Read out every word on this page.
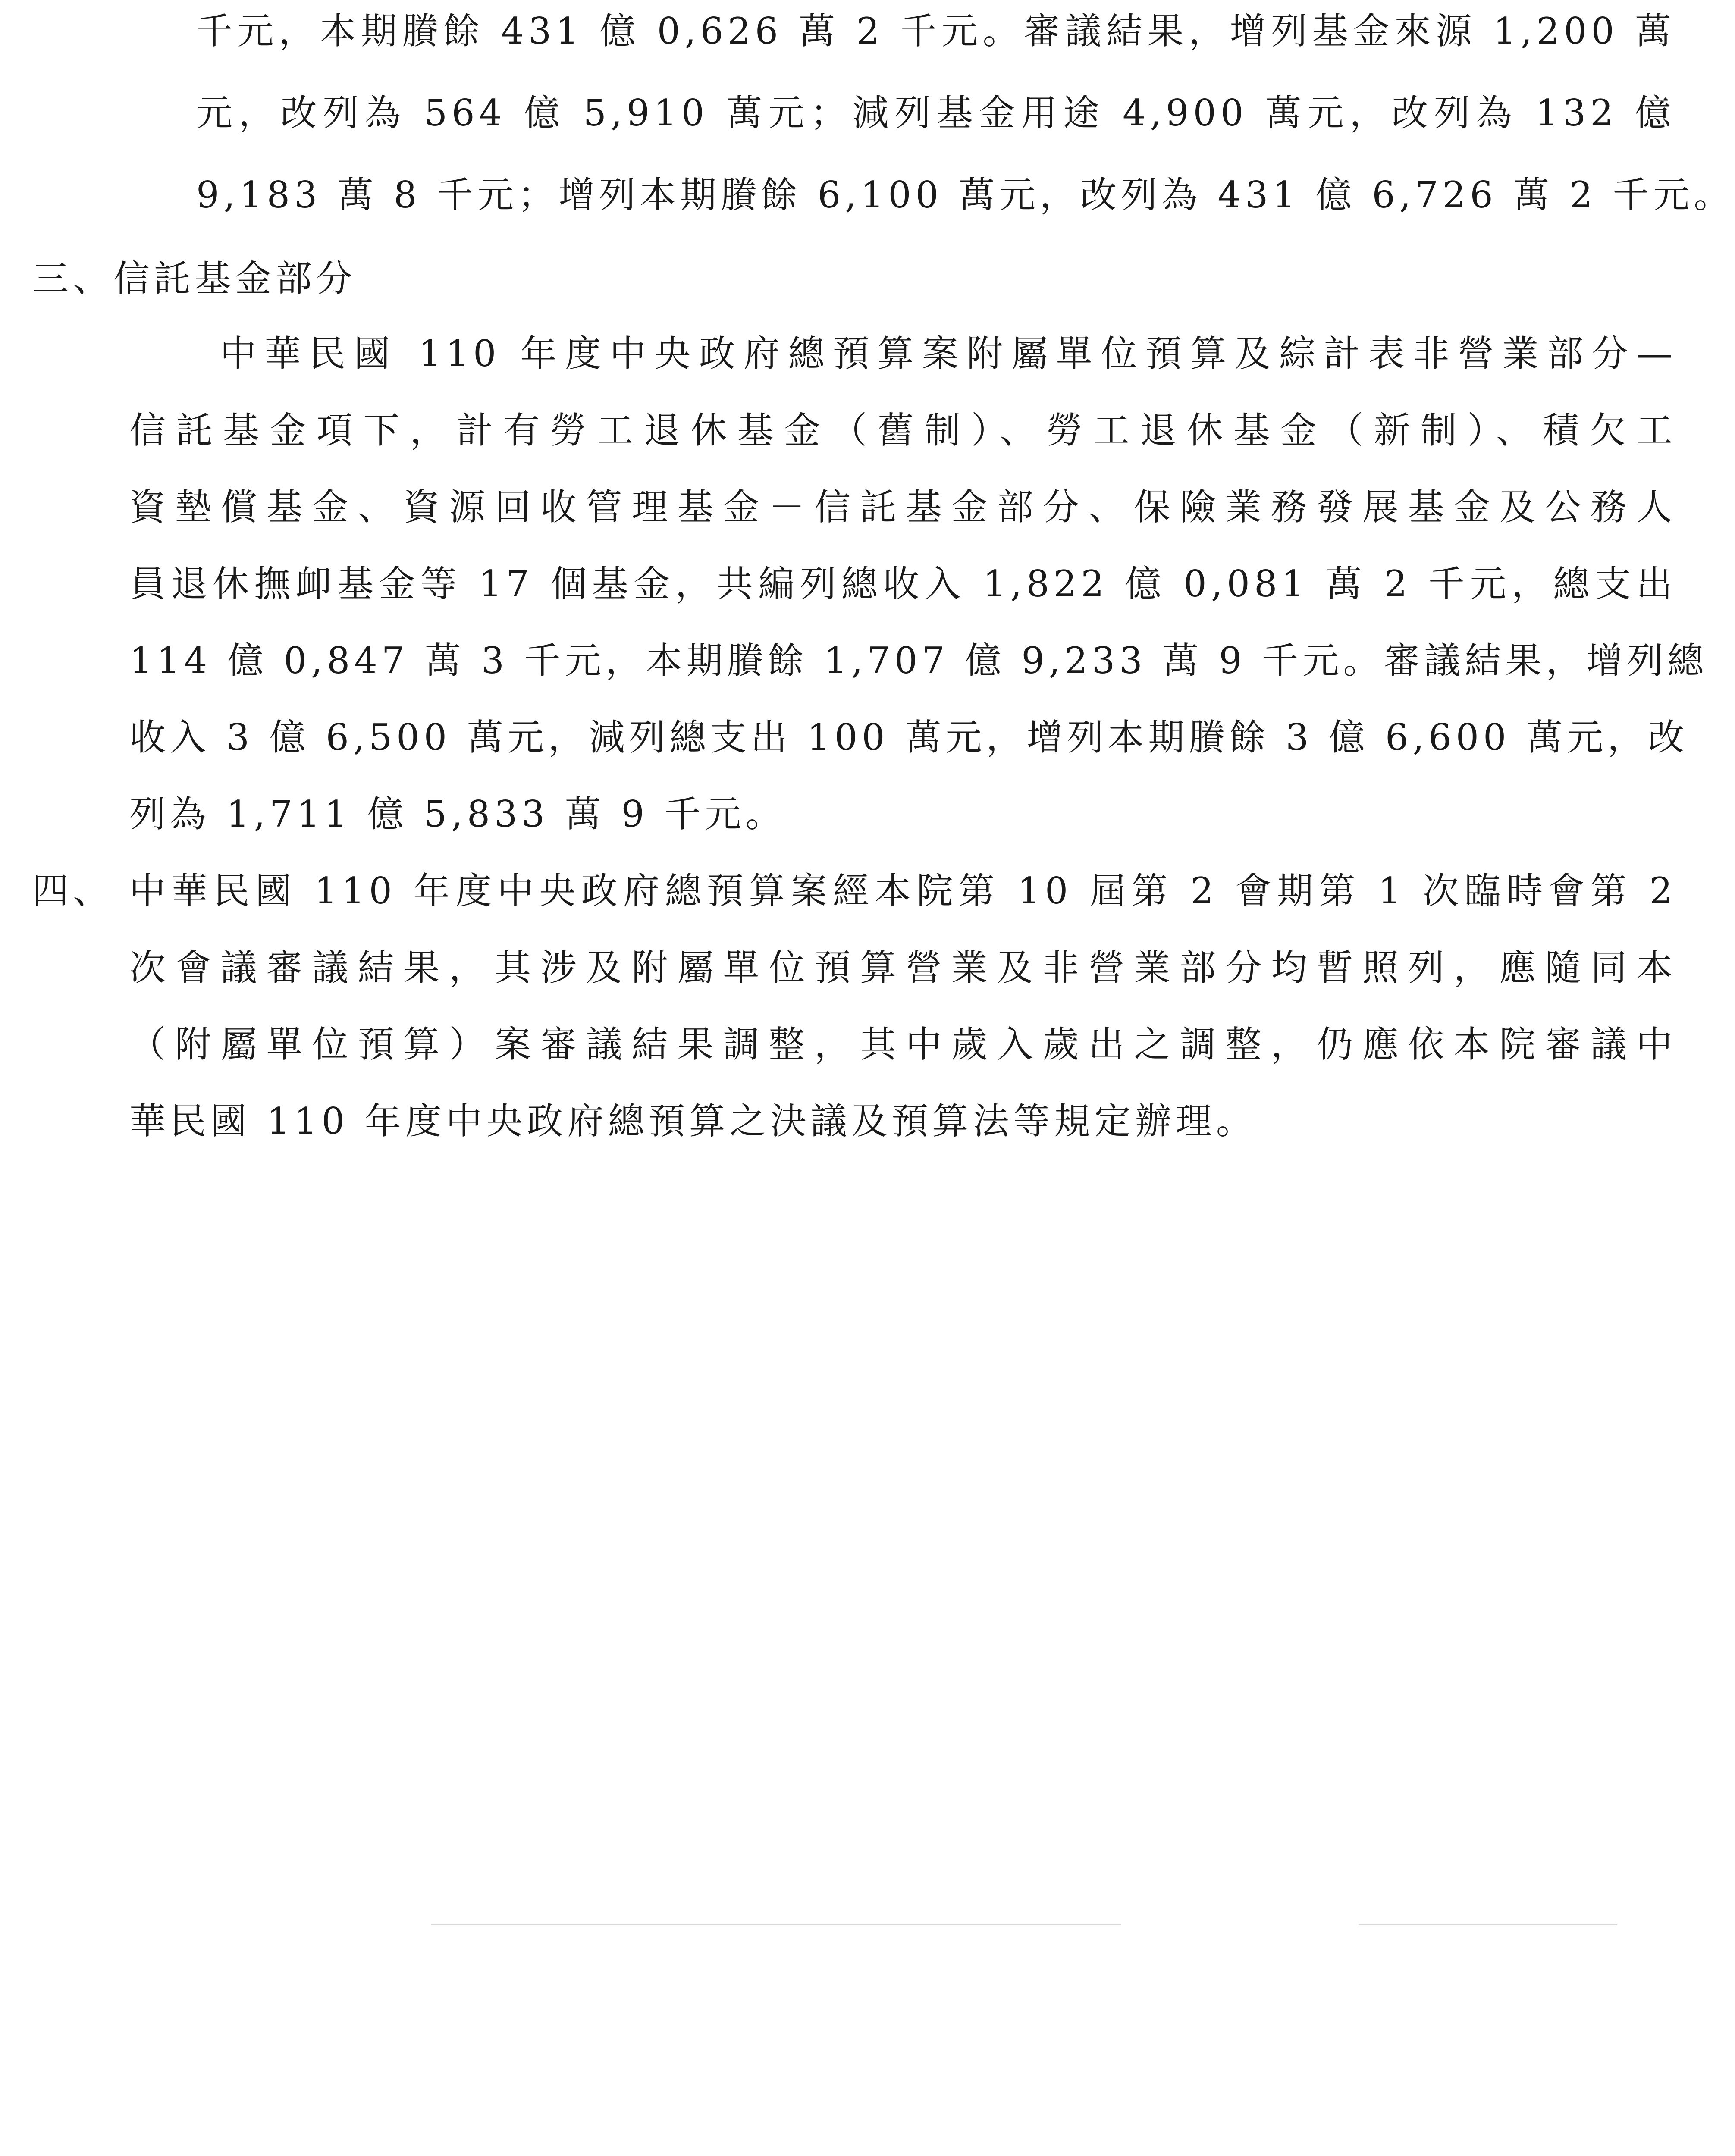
千元，本期賸餘 431 億 0,626 萬 2 千元。審議結果，增列基金來源 1,200 萬
元，改列為 564 億 5,910 萬元；減列基金用途 4,900 萬元，改列為 132 億
9,183 萬 8 千元；增列本期賸餘 6,100 萬元，改列為 431 億 6,726 萬 2 千元。
三、信託基金部分
中華民國 110 年度中央政府總預算案附屬單位預算及綜計表非營業部分—
信託基金項下，計有勞工退休基金（舊制）、勞工退休基金（新制）、積欠工
資墊償基金、資源回收管理基金－信託基金部分、保險業務發展基金及公務人
員退休撫卹基金等 17 個基金，共編列總收入 1,822 億 0,081 萬 2 千元，總支出
114 億 0,847 萬 3 千元，本期賸餘 1,707 億 9,233 萬 9 千元。審議結果，增列總
收入 3 億 6,500 萬元，減列總支出 100 萬元，增列本期賸餘 3 億 6,600 萬元，改
列為 1,711 億 5,833 萬 9 千元。
四、 中華民國 110 年度中央政府總預算案經本院第 10 屆第 2 會期第 1 次臨時會第 2
次會議審議結果，其涉及附屬單位預算營業及非營業部分均暫照列，應隨同本
（附屬單位預算）案審議結果調整，其中歲入歲出之調整，仍應依本院審議中
華民國 110 年度中央政府總預算之決議及預算法等規定辦理。
